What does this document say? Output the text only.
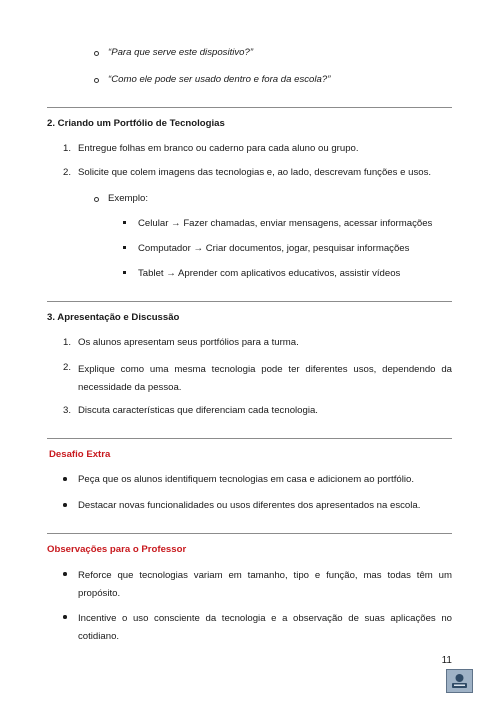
“Para que serve este dispositivo?”
“Como ele pode ser usado dentro e fora da escola?”
2. Criando um Portfólio de Tecnologias
1. Entregue folhas em branco ou caderno para cada aluno ou grupo.
2. Solicite que colem imagens das tecnologias e, ao lado, descrevam funções e usos.
Exemplo:
Celular → Fazer chamadas, enviar mensagens, acessar informações
Computador → Criar documentos, jogar, pesquisar informações
Tablet → Aprender com aplicativos educativos, assistir vídeos
3. Apresentação e Discussão
1. Os alunos apresentam seus portfólios para a turma.
2. Explique como uma mesma tecnologia pode ter diferentes usos, dependendo da necessidade da pessoa.
3. Discuta características que diferenciam cada tecnologia.
Desafio Extra
Peça que os alunos identifiquem tecnologias em casa e adicionem ao portfólio.
Destacar novas funcionalidades ou usos diferentes dos apresentados na escola.
Observações para o Professor
Reforce que tecnologias variam em tamanho, tipo e função, mas todas têm um propósito.
Incentive o uso consciente da tecnologia e a observação de suas aplicações no cotidiano.
11
